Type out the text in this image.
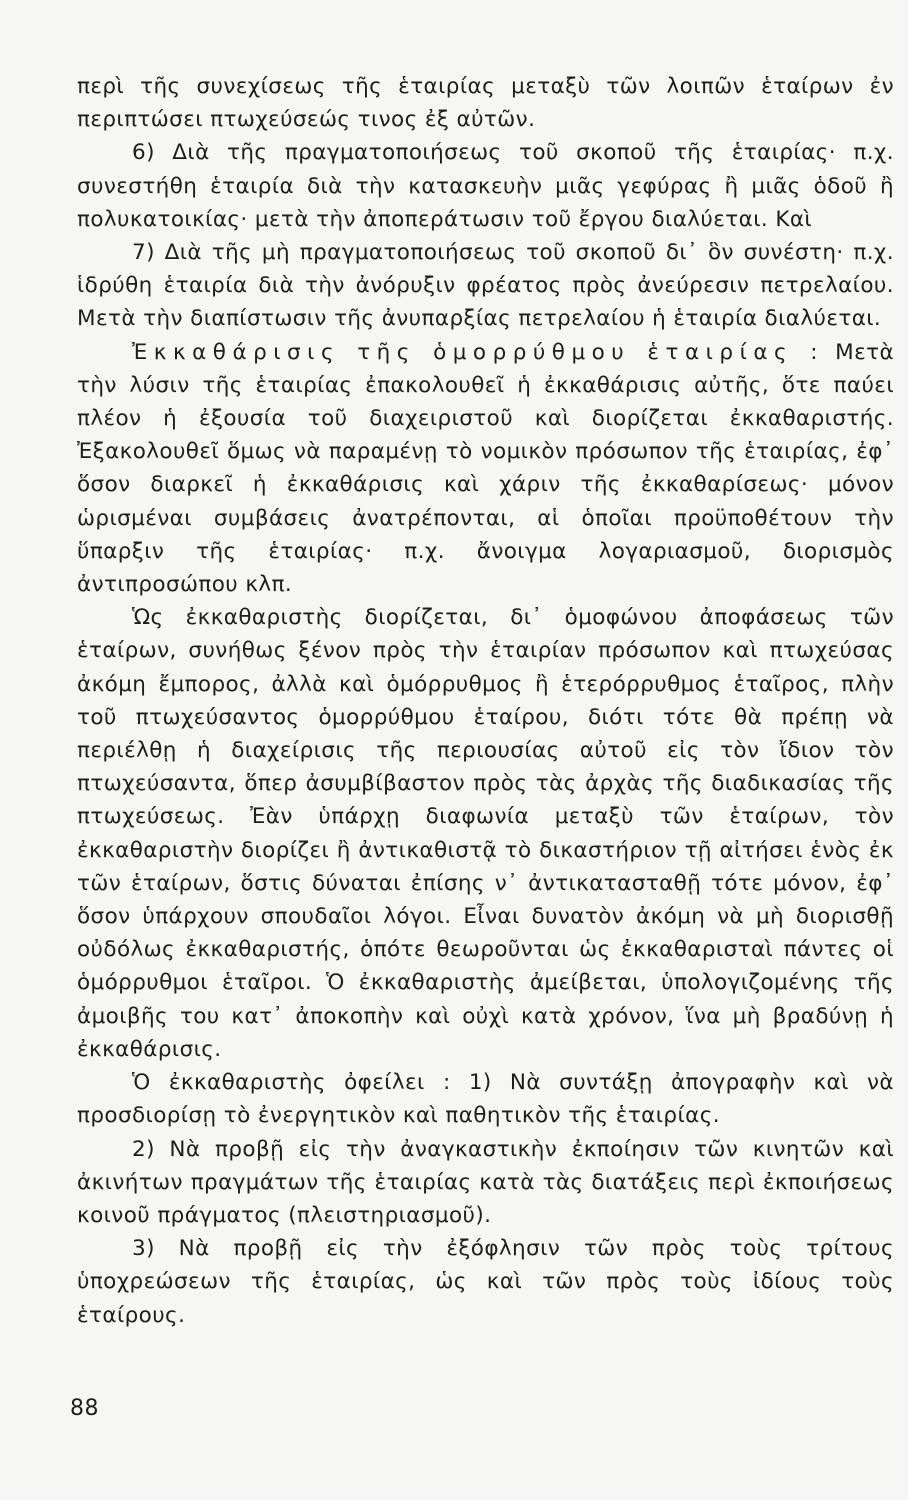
περὶ τῆς συνεχίσεως τῆς ἑταιρίας μεταξὺ τῶν λοιπῶν ἑταίρων ἐν περιπτώσει πτωχεύσεώς τινος ἐξ αὐτῶν.

6) Διὰ τῆς πραγματοποιήσεως τοῦ σκοποῦ τῆς ἑταιρίας· π.χ. συνεστήθη ἑταιρία διὰ τὴν κατασκευὴν μιᾶς γεφύρας ἢ μιᾶς ὁδοῦ ἢ πολυκατοικίας· μετὰ τὴν ἀποπεράτωσιν τοῦ ἔργου διαλύεται. Καὶ

7) Διὰ τῆς μὴ πραγματοποιήσεως τοῦ σκοποῦ δι᾽ ὃν συνέστη· π.χ. ἱδρύθη ἑταιρία διὰ τὴν ἀνόρυξιν φρέατος πρὸς ἀνεύρεσιν πετρελαίου. Μετὰ τὴν διαπίστωσιν τῆς ἀνυπαρξίας πετρελαίου ἡ ἑταιρία διαλύεται.

Ἐκκαθάρισις τῆς ὁμορρύθμου ἑταιρίας : Μετὰ τὴν λύσιν τῆς ἑταιρίας ἐπακολουθεῖ ἡ ἐκκαθάρισις αὐτῆς, ὅτε παύει πλέον ἡ ἐξουσία τοῦ διαχειριστοῦ καὶ διορίζεται ἐκκαθαριστής. Ἐξακολουθεῖ ὅμως νὰ παραμένῃ τὸ νομικὸν πρόσωπον τῆς ἑταιρίας, ἐφ᾽ ὅσον διαρκεῖ ἡ ἐκκαθάρισις καὶ χάριν τῆς ἐκκαθαρίσεως· μόνον ὡρισμέναι συμβάσεις ἀνατρέπονται, αἱ ὁποῖαι προϋποθέτουν τὴν ὕπαρξιν τῆς ἑταιρίας· π.χ. ἄνοιγμα λογαριασμοῦ, διορισμὸς ἀντιπροσώπου κλπ.

Ὡς ἐκκαθαριστὴς διορίζεται, δι᾽ ὁμοφώνου ἀποφάσεως τῶν ἑταίρων, συνήθως ξένον πρὸς τὴν ἑταιρίαν πρόσωπον καὶ πτωχεύσας ἀκόμη ἔμπορος, ἀλλὰ καὶ ὁμόρρυθμος ἢ ἑτερόρρυθμος ἑταῖρος, πλὴν τοῦ πτωχεύσαντος ὁμορρύθμου ἑταίρου, διότι τότε θὰ πρέπῃ νὰ περιέλθῃ ἡ διαχείρισις τῆς περιουσίας αὐτοῦ εἰς τὸν ἴδιον τὸν πτωχεύσαντα, ὅπερ ἀσυμβίβαστον πρὸς τὰς ἀρχὰς τῆς διαδικασίας τῆς πτωχεύσεως. Ἐὰν ὑπάρχῃ διαφωνία μεταξὺ τῶν ἑταίρων, τὸν ἐκκαθαριστὴν διορίζει ἢ ἀντικαθιστᾷ τὸ δικαστήριον τῇ αἰτήσει ἑνὸς ἐκ τῶν ἑταίρων, ὅστις δύναται ἐπίσης ν᾽ ἀντικατασταθῇ τότε μόνον, ἐφ᾽ ὅσον ὑπάρχουν σπουδαῖοι λόγοι. Εἶναι δυνατὸν ἀκόμη νὰ μὴ διορισθῇ οὐδόλως ἐκκαθαριστής, ὁπότε θεωροῦνται ὡς ἐκκαθαρισταὶ πάντες οἱ ὁμόρρυθμοι ἑταῖροι. Ὁ ἐκκαθαριστὴς ἀμείβεται, ὑπολογιζομένης τῆς ἀμοιβῆς του κατ᾽ ἀποκοπὴν καὶ οὐχὶ κατὰ χρόνον, ἵνα μὴ βραδύνῃ ἡ ἐκκαθάρισις.

Ὁ ἐκκαθαριστὴς ὀφείλει : 1) Νὰ συντάξῃ ἀπογραφὴν καὶ νὰ προσδιορίσῃ τὸ ἐνεργητικὸν καὶ παθητικὸν τῆς ἑταιρίας.

2) Νὰ προβῇ εἰς τὴν ἀναγκαστικὴν ἐκποίησιν τῶν κινητῶν καὶ ἀκινήτων πραγμάτων τῆς ἑταιρίας κατὰ τὰς διατάξεις περὶ ἐκποιήσεως κοινοῦ πράγματος (πλειστηριασμοῦ).

3) Νὰ προβῇ εἰς τὴν ἐξόφλησιν τῶν πρὸς τοὺς τρίτους ὑποχρεώσεων τῆς ἑταιρίας, ὡς καὶ τῶν πρὸς τοὺς ἰδίους τοὺς ἑταίρους.

88
